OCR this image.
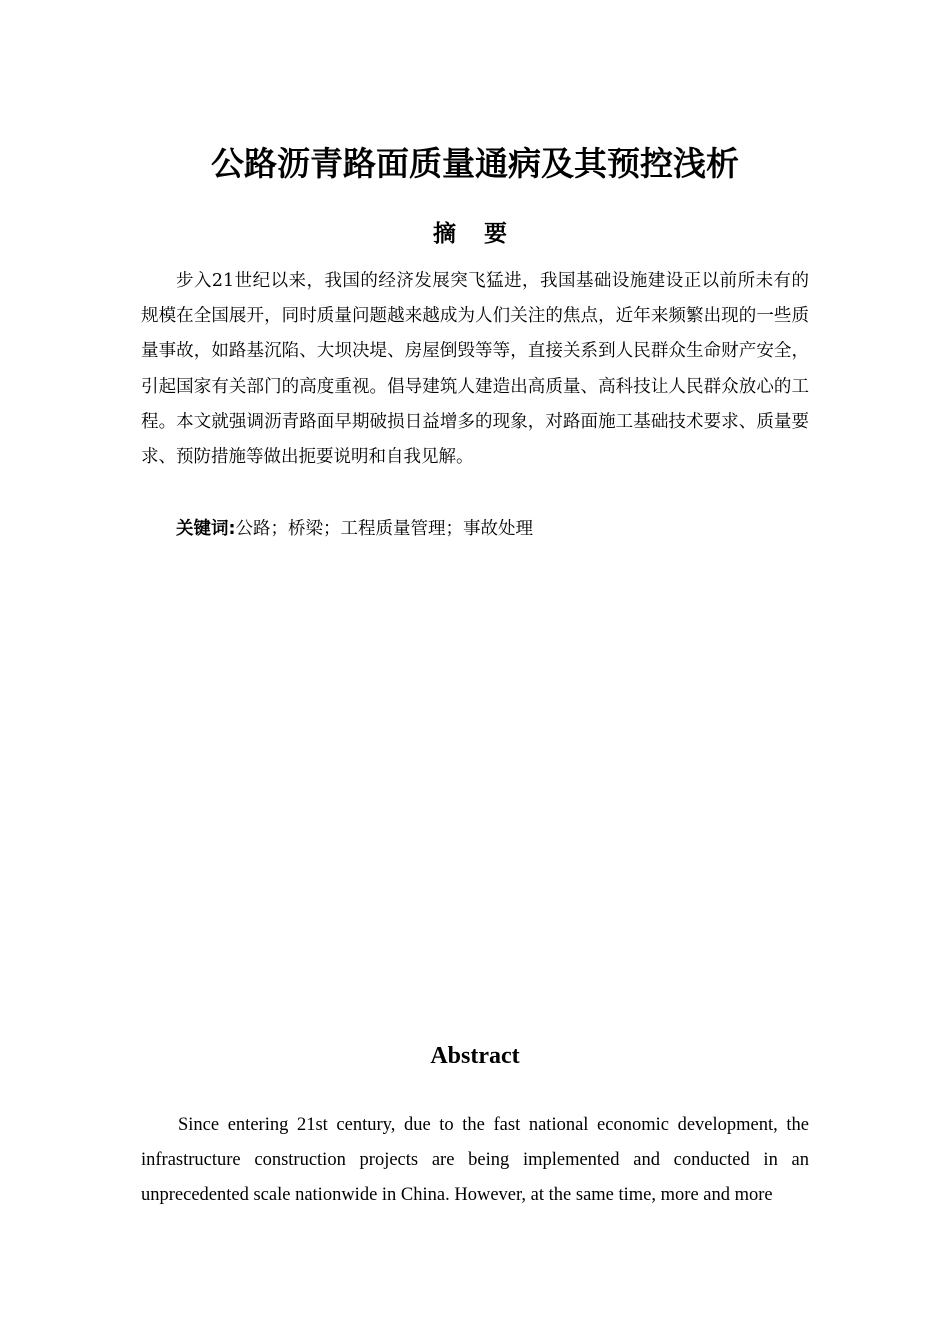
公路沥青路面质量通病及其预控浅析
摘 要

步入21世纪以来，我国的经济发展突飞猛进，我国基础设施建设正以前所未有的规模在全国展开，同时质量问题越来越成为人们关注的焦点，近年来频繁出现的一些质量事故，如路基沉陷、大坝决堤、房屋倒毁等等，直接关系到人民群众生命财产安全，引起国家有关部门的高度重视。倡导建筑人建造出高质量、高科技让人民群众放心的工程。本文就强调沥青路面早期破损日益增多的现象，对路面施工基础技术要求、质量要求、预防措施等做出扼要说明和自我见解。

关键词:公路；桥梁；工程质量管理；事故处理

Abstract

Since entering 21st century, due to the fast national economic development, the infrastructure construction projects are being implemented and conducted in an unprecedented scale nationwide in China. However, at the same time, more and more
